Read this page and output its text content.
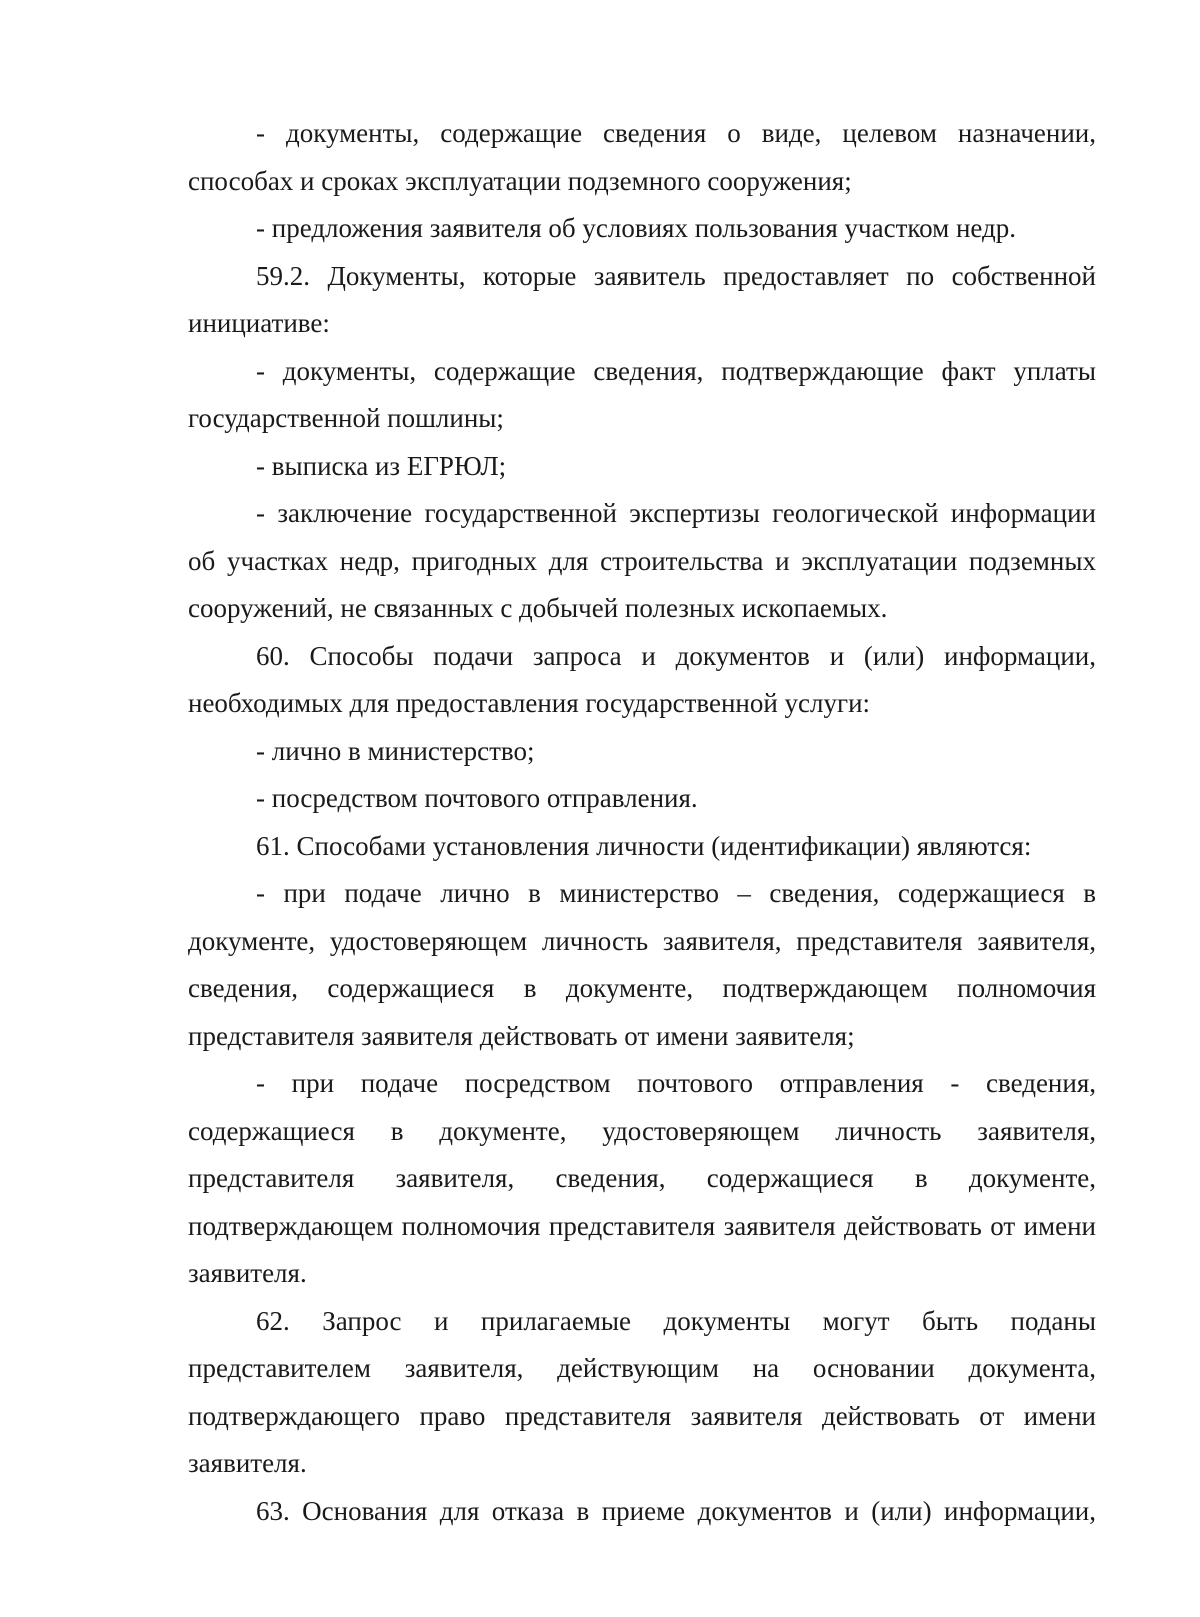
- документы, содержащие сведения о виде, целевом назначении, способах и сроках эксплуатации подземного сооружения;

- предложения заявителя об условиях пользования участком недр.

59.2. Документы, которые заявитель предоставляет по собственной инициативе:

- документы, содержащие сведения, подтверждающие факт уплаты государственной пошлины;

- выписка из ЕГРЮЛ;

- заключение государственной экспертизы геологической информации об участках недр, пригодных для строительства и эксплуатации подземных сооружений, не связанных с добычей полезных ископаемых.

60. Способы подачи запроса и документов и (или) информации, необходимых для предоставления государственной услуги:

- лично в министерство;

- посредством почтового отправления.

61. Способами установления личности (идентификации) являются:

- при подаче лично в министерство – сведения, содержащиеся в документе, удостоверяющем личность заявителя, представителя заявителя, сведения, содержащиеся в документе, подтверждающем полномочия представителя заявителя действовать от имени заявителя;

- при подаче посредством почтового отправления - сведения, содержащиеся в документе, удостоверяющем личность заявителя, представителя заявителя, сведения, содержащиеся в документе, подтверждающем полномочия представителя заявителя действовать от имени заявителя.

62. Запрос и прилагаемые документы могут быть поданы представителем заявителя, действующим на основании документа, подтверждающего право представителя заявителя действовать от имени заявителя.

63. Основания для отказа в приеме документов и (или) информации,
